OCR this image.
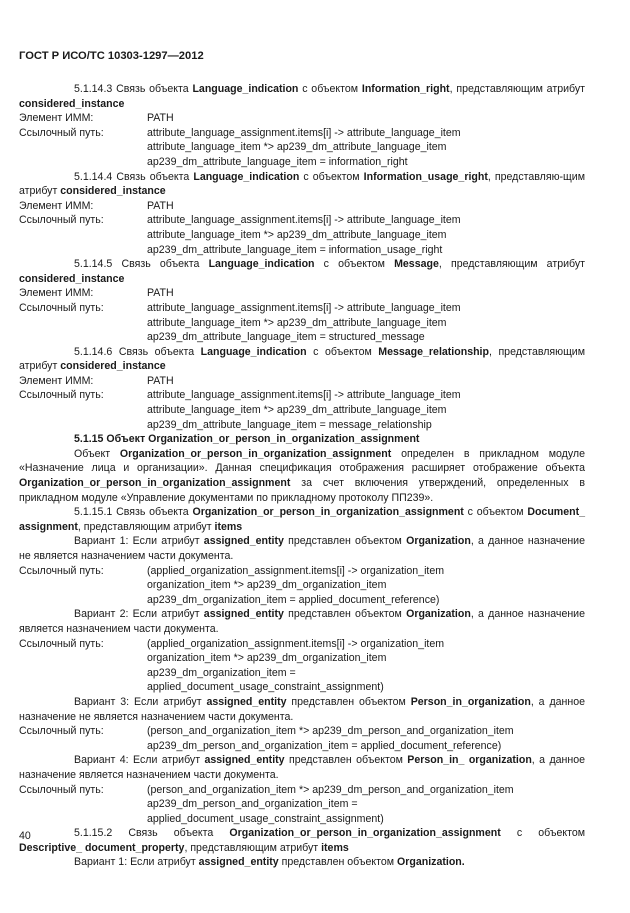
ГОСТ Р ИСО/ТС 10303-1297—2012
5.1.14.3 Связь объекта Language_indication с объектом Information_right, представляющим атрибут considered_instance
Элемент ИММ:	PATH
Ссылочный путь:	attribute_language_assignment.items[i] -> attribute_language_item
attribute_language_item *> ap239_dm_attribute_language_item
ap239_dm_attribute_language_item = information_right
5.1.14.4 Связь объекта Language_indication с объектом Information_usage_right, представляю-щим атрибут considered_instance
Элемент ИММ:	PATH
Ссылочный путь:	attribute_language_assignment.items[i] -> attribute_language_item
attribute_language_item *> ap239_dm_attribute_language_item
ap239_dm_attribute_language_item = information_usage_right
5.1.14.5 Связь объекта Language_indication с объектом Message, представляющим атрибут considered_instance
Элемент ИММ:	PATH
Ссылочный путь:	attribute_language_assignment.items[i] -> attribute_language_item
attribute_language_item *> ap239_dm_attribute_language_item
ap239_dm_attribute_language_item = structured_message
5.1.14.6 Связь объекта Language_indication с объектом Message_relationship, представляющим атрибут considered_instance
Элемент ИММ:	PATH
Ссылочный путь:	attribute_language_assignment.items[i] -> attribute_language_item
attribute_language_item *> ap239_dm_attribute_language_item
ap239_dm_attribute_language_item = message_relationship
5.1.15 Объект Organization_or_person_in_organization_assignment
Объект Organization_or_person_in_organization_assignment определен в прикладном модуле «Назначение лица и организации». Данная спецификация отображения расширяет отображение объекта Organization_or_person_in_organization_assignment за счет включения утверждений, определенных в прикладном модуле «Управление документами по прикладному протоколу ПП239».
5.1.15.1 Связь объекта Organization_or_person_in_organization_assignment с объектом Document_ assignment, представляющим атрибут items
Вариант 1: Если атрибут assigned_entity представлен объектом Organization, а данное назначение не является назначением части документа.
Ссылочный путь:	(applied_organization_assignment.items[i] -> organization_item
organization_item *> ap239_dm_organization_item
ap239_dm_organization_item = applied_document_reference)
Вариант 2: Если атрибут assigned_entity представлен объектом Organization, а данное назначение является назначением части документа.
Ссылочный путь:	(applied_organization_assignment.items[i] -> organization_item
organization_item *> ap239_dm_organization_item
ap239_dm_organization_item =
applied_document_usage_constraint_assignment)
Вариант 3: Если атрибут assigned_entity представлен объектом Person_in_organization, а данное назначение не является назначением части документа.
Ссылочный путь:	(person_and_organization_item *> ap239_dm_person_and_organization_item
ap239_dm_person_and_organization_item = applied_document_reference)
Вариант 4: Если атрибут assigned_entity представлен объектом Person_in_ organization, а данное назначение является назначением части документа.
Ссылочный путь:	(person_and_organization_item *> ap239_dm_person_and_organization_item
ap239_dm_person_and_organization_item =
applied_document_usage_constraint_assignment)
5.1.15.2 Связь объекта Organization_or_person_in_organization_assignment с объектом Descriptive_ document_property, представляющим атрибут items
Вариант 1: Если атрибут assigned_entity представлен объектом Organization.
40
